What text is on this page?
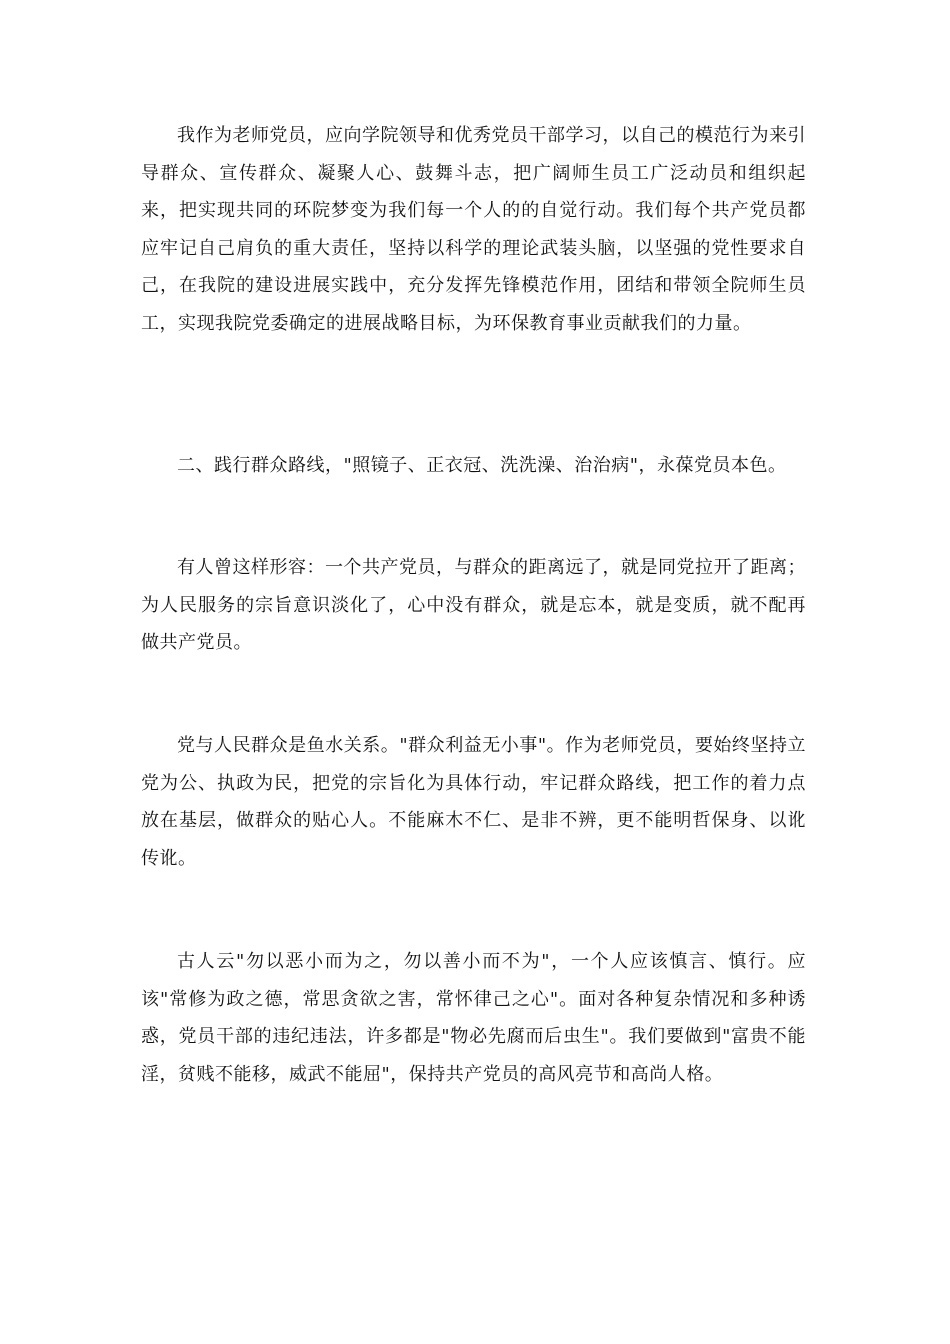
我作为老师党员，应向学院领导和优秀党员干部学习，以自己的模范行为来引导群众、宣传群众、凝聚人心、鼓舞斗志，把广阔师生员工广泛动员和组织起来，把实现共同的环院梦变为我们每一个人的的自觉行动。我们每个共产党员都应牢记自己肩负的重大责任，坚持以科学的理论武装头脑，以坚强的党性要求自己，在我院的建设进展实践中，充分发挥先锋模范作用，团结和带领全院师生员工，实现我院党委确定的进展战略目标，为环保教育事业贡献我们的力量。

二、践行群众路线，"照镜子、正衣冠、洗洗澡、治治病"，永葆党员本色。

有人曾这样形容：一个共产党员，与群众的距离远了，就是同党拉开了距离；为人民服务的宗旨意识淡化了，心中没有群众，就是忘本，就是变质，就不配再做共产党员。

党与人民群众是鱼水关系。"群众利益无小事"。作为老师党员，要始终坚持立党为公、执政为民，把党的宗旨化为具体行动，牢记群众路线，把工作的着力点放在基层，做群众的贴心人。不能麻木不仁、是非不辨，更不能明哲保身、以讹传讹。

古人云"勿以恶小而为之，勿以善小而不为"，一个人应该慎言、慎行。应该"常修为政之德，常思贪欲之害，常怀律己之心"。面对各种复杂情况和多种诱惑，党员干部的违纪违法，许多都是"物必先腐而后虫生"。我们要做到"富贵不能淫，贫贱不能移，威武不能屈"，保持共产党员的高风亮节和高尚人格。
